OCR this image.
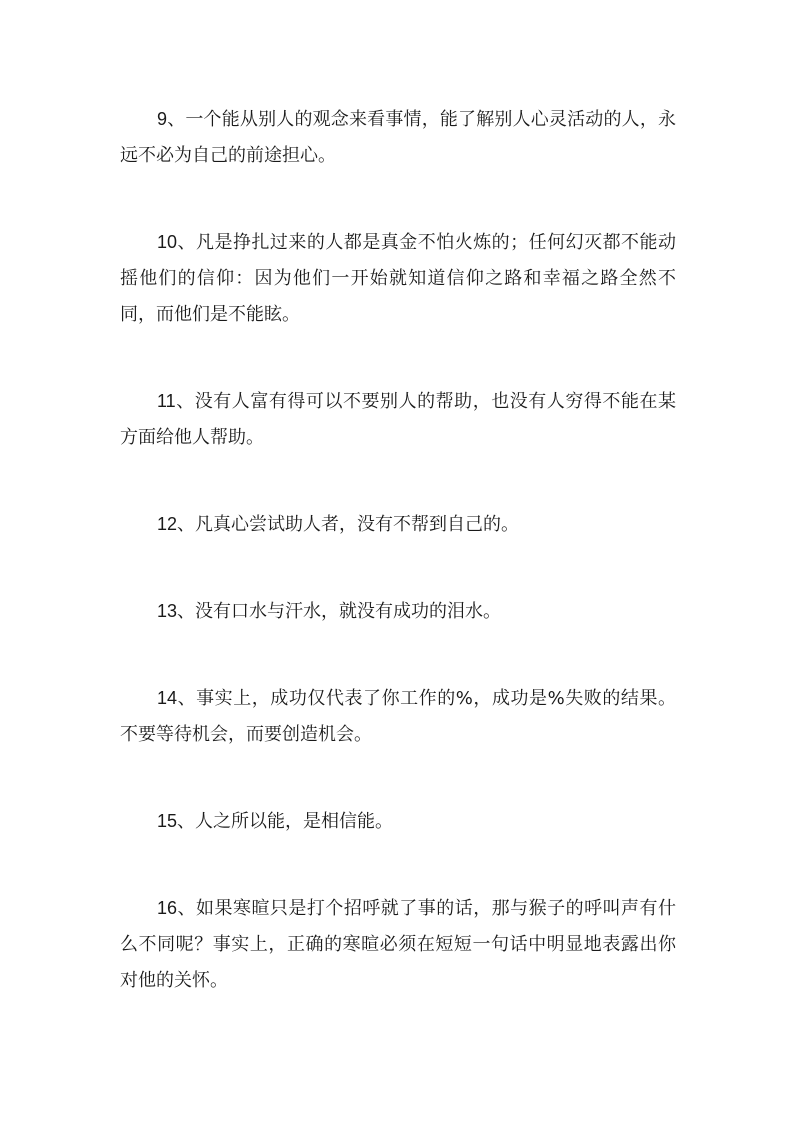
9、一个能从别人的观念来看事情，能了解别人心灵活动的人，永远不必为自己的前途担心。

10、凡是挣扎过来的人都是真金不怕火炼的；任何幻灭都不能动摇他们的信仰：因为他们一开始就知道信仰之路和幸福之路全然不同，而他们是不能眩。

11、没有人富有得可以不要别人的帮助，也没有人穷得不能在某方面给他人帮助。

12、凡真心尝试助人者，没有不帮到自己的。

13、没有口水与汗水，就没有成功的泪水。

14、事实上，成功仅代表了你工作的%，成功是%失败的结果。不要等待机会，而要创造机会。

15、人之所以能，是相信能。

16、如果寒暄只是打个招呼就了事的话，那与猴子的呼叫声有什么不同呢？事实上，正确的寒暄必须在短短一句话中明显地表露出你对他的关怀。
